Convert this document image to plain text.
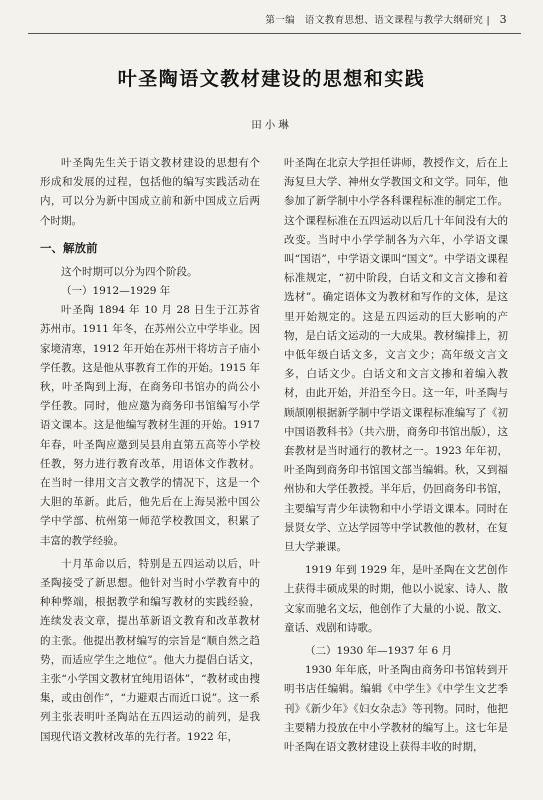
第一编　语文教育思想、语文课程与教学大纲研究 | 3
叶圣陶语文教材建设的思想和实践
田小琳

叶圣陶先生关于语文教材建设的思想有个形成和发展的过程，包括他的编写实践活动在内，可以分为新中国成立前和新中国成立后两个时期。

一、解放前

这个时期可以分为四个阶段。

（一）1912—1929 年

叶圣陶 1894 年 10 月 28 日生于江苏省苏州市。1911 年冬，在苏州公立中学毕业。因家境清寒，1912 年开始在苏州干将坊言子庙小学任教。这是他从事教育工作的开始。1915 年秋，叶圣陶到上海，在商务印书馆办的尚公小学任教。同时，他应邀为商务印书馆编写小学语文课本。这是他编写教材生涯的开始。1917 年春，叶圣陶应邀到吴县甪直第五高等小学校任教，努力进行教育改革，用语体文作教材。在当时一律用文言文教学的情况下，这是一个大胆的革新。此后，他先后在上海吴淞中国公学中学部、杭州第一师范学校教国文，积累了丰富的教学经验。

十月革命以后，特别是五四运动以后，叶圣陶接受了新思想。他针对当时小学教育中的种种弊端，根据教学和编写教材的实践经验，连续发表文章，提出革新语文教育和改革教材的主张。他提出教材编写的宗旨是“顺自然之趋势，而适应学生之地位”。他大力提倡白话文，主张“小学国文教材宜纯用语体”，“教材或由搜集，或由创作”，“力避艰古而近口说”。这一系列主张表明叶圣陶站在五四运动的前列，是我国现代语文教材改革的先行者。1922 年，

叶圣陶在北京大学担任讲师，教授作文，后在上海复旦大学、神州女学教国文和文学。同年，他参加了新学制中小学各科课程标准的制定工作。这个课程标准在五四运动以后几十年间没有大的改变。当时中小学学制各为六年，小学语文课叫“国语”，中学语文课叫“国文”。中学语文课程标准规定，“初中阶段，白话文和文言文掺和着选材”。确定语体文为教材和写作的文体，是这里开始规定的。这是五四运动的巨大影响的产物，是白话文运动的一大成果。教材编排上，初中低年级白话文多，文言文少；高年级文言文多，白话文少。白话文和文言文掺和着编入教材，由此开始，并沿至今日。这一年，叶圣陶与顾颉刚根据新学制中学语文课程标准编写了《初中国语教科书》（共六册，商务印书馆出版），这套教材是当时通行的教材之一。1923 年年初，叶圣陶到商务印书馆国文部当编辑。秋，又到福州协和大学任教授。半年后，仍回商务印书馆，主要编写青少年读物和中小学语文课本。同时在景贤女学、立达学园等中学试教他的教材，在复旦大学兼课。

1919 年到 1929 年，是叶圣陶在文艺创作上获得丰硕成果的时期，他以小说家、诗人、散文家而驰名文坛，他创作了大量的小说、散文、童话、戏剧和诗歌。

（二）1930 年—1937 年 6 月

1930 年年底，叶圣陶由商务印书馆转到开明书店任编辑。编辑《中学生》《中学生文艺季刊》《新少年》《妇女杂志》等刊物。同时，他把主要精力投放在中小学教材的编写上。这七年是叶圣陶在语文教材建设上获得丰收的时期，
